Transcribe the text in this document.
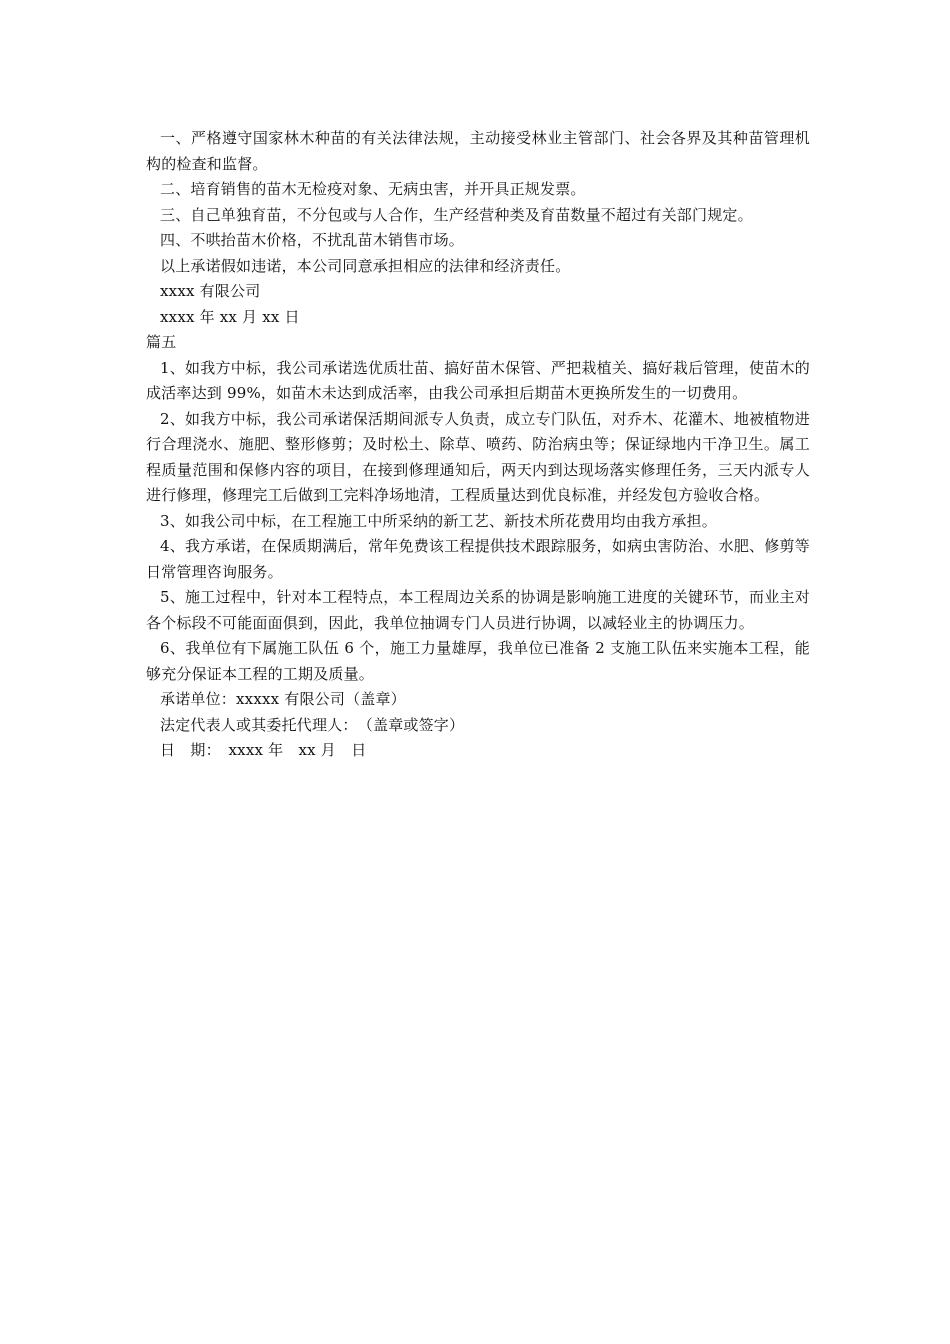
一、严格遵守国家林木种苗的有关法律法规，主动接受林业主管部门、社会各界及其种苗管理机构的检查和监督。

二、培育销售的苗木无检疫对象、无病虫害，并开具正规发票。

三、自己单独育苗，不分包或与人合作，生产经营种类及育苗数量不超过有关部门规定。

四、不哄抬苗木价格，不扰乱苗木销售市场。

以上承诺假如违诺，本公司同意承担相应的法律和经济责任。

xxxx 有限公司

xxxx 年 xx 月 xx 日

篇五

1、如我方中标，我公司承诺选优质壮苗、搞好苗木保管、严把栽植关、搞好栽后管理，使苗木的成活率达到 99%，如苗木未达到成活率，由我公司承担后期苗木更换所发生的一切费用。

2、如我方中标，我公司承诺保活期间派专人负责，成立专门队伍，对乔木、花灌木、地被植物进行合理浇水、施肥、整形修剪；及时松土、除草、喷药、防治病虫等；保证绿地内干净卫生。属工程质量范围和保修内容的项目，在接到修理通知后，两天内到达现场落实修理任务，三天内派专人进行修理，修理完工后做到工完料净场地清，工程质量达到优良标准，并经发包方验收合格。

3、如我公司中标，在工程施工中所采纳的新工艺、新技术所花费用均由我方承担。

4、我方承诺，在保质期满后，常年免费该工程提供技术跟踪服务，如病虫害防治、水肥、修剪等日常管理咨询服务。

5、施工过程中，针对本工程特点，本工程周边关系的协调是影响施工进度的关键环节，而业主对各个标段不可能面面俱到，因此，我单位抽调专门人员进行协调，以减轻业主的协调压力。

6、我单位有下属施工队伍 6 个，施工力量雄厚，我单位已准备 2 支施工队伍来实施本工程，能够充分保证本工程的工期及质量。

承诺单位：xxxxx 有限公司（盖章）

法定代表人或其委托代理人：　（盖章或签字）

日　期：　xxxx 年　xx 月　日
